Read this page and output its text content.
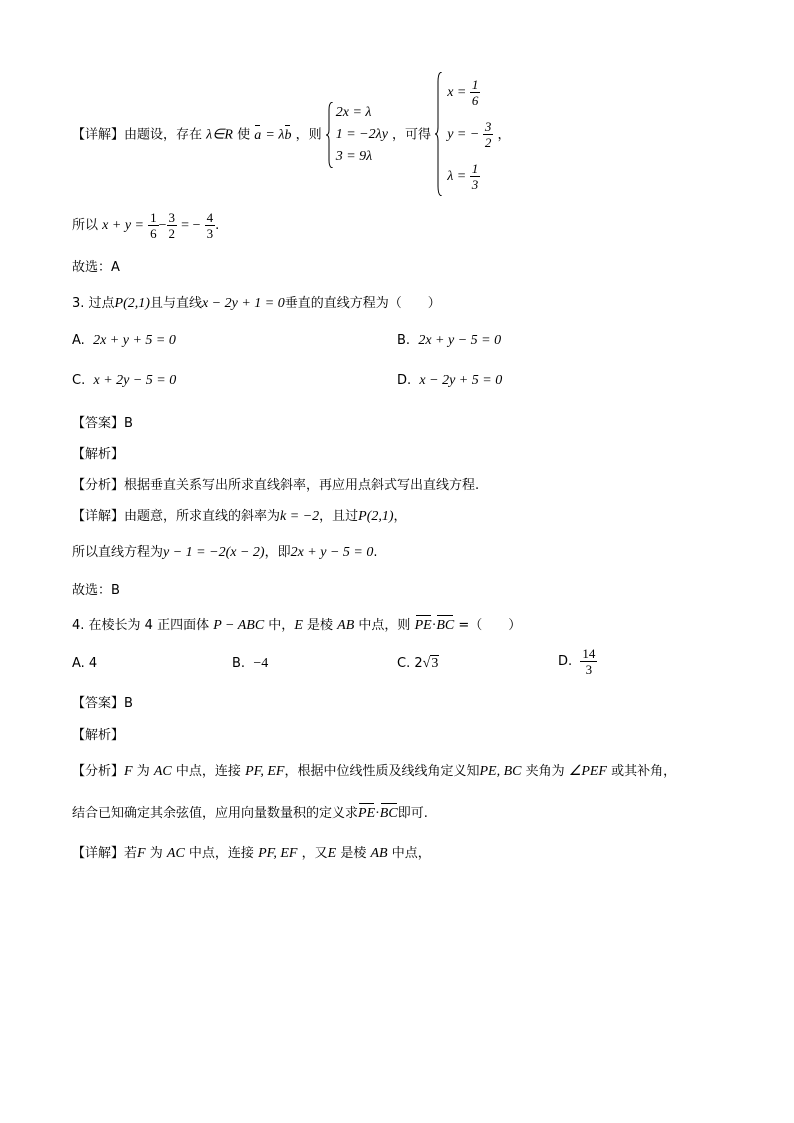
【详解】由题设，存在 λ∈R 使 a = λb ，则
2x = λ
1 = −2λy
3 = 9λ
，可得
$x = \frac{1}{6}$
y = − $\frac{3}{2}$
$\lambda = \frac{1}{3}$
，
所以 $x + y = \frac{1}{6} - \frac{3}{2}$ = − $\frac{4}{3}$ .
故选：A
3. 过点P(2,1)且与直线x − 2y + 1 = 0垂直的直线方程为（　　）
A. 2x + y + 5 = 0	B. 2x + y − 5 = 0
C. x + 2y − 5 = 0	D. x − 2y + 5 = 0
【答案】B
【解析】
【分析】根据垂直关系写出所求直线斜率，再应用点斜式写出直线方程.
【详解】由题意，所求直线的斜率为k = −2，且过P(2,1)，
所以直线方程为y − 1 = −2(x − 2)，即2x + y − 5 = 0.
故选：B
4. 在棱长为 4 正四面体 P − ABC 中，E 是棱 AB 中点，则 PE·BC =（　　）
A. 4	B. −4	C. 2√3	D. $\frac{14}{3}$
【答案】B
【解析】
【分析】F 为 AC 中点，连接 PF, EF，根据中位线性质及线线角定义知PE, BC 夹角为 ∠PEF 或其补角，
结合已知确定其余弦值，应用向量数量积的定义求PE·BC即可.
【详解】若F 为 AC 中点，连接 PF, EF ，又E 是棱 AB 中点，
